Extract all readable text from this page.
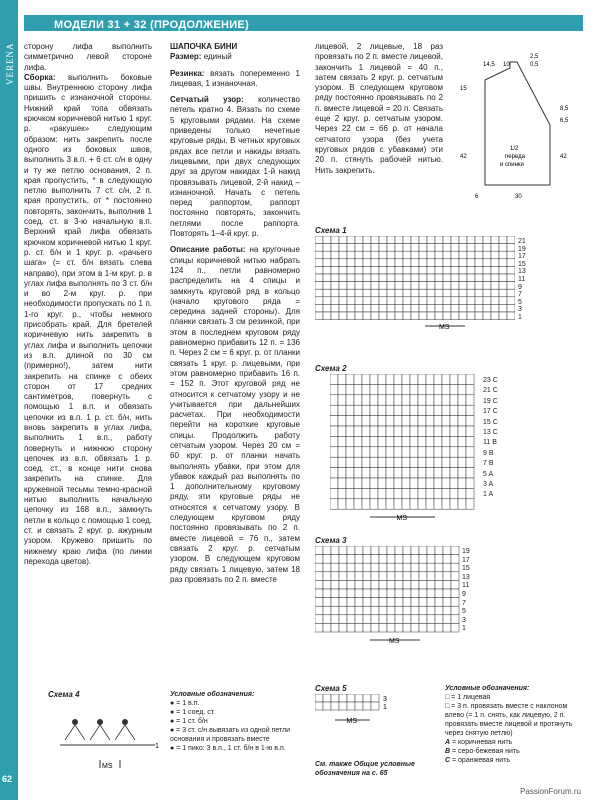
VERENA
62
МОДЕЛИ 31 + 32 (ПРОДОЛЖЕНИЕ)

сторону лифа выполнить симметрично левой стороне лифа.

Сборка: выполнить боковые швы. Внутреннюю сторону лифа пришить с изнаночной стороны. Нижний край топа обвязать крючком коричневой нитью 1 круг. р. «ракушек» следующим образом: нить закрепить после одного из боковых швов, выполнить 3 в.п. + 6 ст. с/н в одну и ту же петлю основания, 2 п. края пропустить, * в следующую петлю выполнить 7 ст. с/н, 2 п. края пропустить, от * постоянно повторять, закончить, выполнив 1 соед. ст. в 3-ю начальную в.п. Верхний край лифа обвязать крючком коричневой нитью 1 круг. р. ст. б/н и 1 круг. р. «рачьего шага» (= ст. б/н вязать слева направо), при этом в 1-м круг. р. в углах лифа выполнять по 3 ст. б/н и во 2-м круг. р. при необходимости пропускать по 1 п. 1-го круг. р., чтобы немного присобрать край. Для бретелей коричневую нить закрепить в углах лифа и выполнить цепочки из в.п. длиной по 30 см (примерно!), затем нити закрепить на спинке с обеих сторон от 17 средних сантиметров, повернуть с помощью 1 в.п. и обвязать цепочки из в.п. 1 р. ст. б/н, нить вновь закрепить в углах лифа, выполнить 1 в.п., работу повернуть и нижнюю сторону цепочек из в.п. обвязать 1 р. соед. ст., в конце нити снова закрепить на спинке. Для кружевной тесьмы темно-красной нитью выполнить начальную цепочку из 168 в.п., замкнуть петли в кольцо с помощью 1 соед. ст. и связать 2 круг. р. ажурным узором. Кружево пришить по нижнему краю лифа (по линии перехода цветов).

ШАПОЧКА БИНИ

Размер: единый

Резинка: вязать попеременно 1 лицевая, 1 изнаночная.

Сетчатый узор: количество петель кратно 4. Вязать по схеме 5 круговыми рядами. На схеме приведены только нечетные круговые ряды. В четных круговых рядах все петли и накиды вязать лицевыми, при двух следующих друг за другом накидах 1-й накид провязывать лицевой, 2-й накид – изнаночной. Начать с петель перед раппортом, раппорт постоянно повторять, закончить петлями после раппорта. Повторять 1–4-й круг. р.

Описание работы: на кругочные спицы коричневой нитью набрать 124 п., петли равномерно распределить на 4 спицы и замкнуть круговой ряд в кольцо (начало кругового ряда = середина задней стороны). Для планки связать 3 см резинкой, при этом в последнем круговом ряду равномерно прибавить 12 п. = 136 п. Через 2 см = 6 круг. р. от планки связать 1 круг. р. лицевыми, при этом равномерно прибавить 16 п. = 152 п. Этот круговой ряд не относится к сетчатому узору и не учитывается при дальнейших расчетах. При необходимости перейти на короткие круговые спицы. Продолжить работу сетчатым узором. Через 20 см = 60 круг. р. от планки начать выполнять убавки, при этом для убавок каждый раз выполнять по 1 дополнительному круговому ряду, эти круговые ряды не относятся к сетчатому узору. В следующем круговом ряду постоянно провязывать по 2 п. вместе лицевой = 76 п., затем связать 2 круг. р. сетчатым узором. В следующем круговом ряду связать 1 лицевую, затем 18 раз провязать по 2 п. вместе

лицевой, 2 лицевые, 18 раз провязать по 2 п. вместе лицевой, закончить 1 лицевой = 40 п., затем связать 2 круг. р. сетчатым узором. В следующем круговом ряду постоянно провязывать по 2 п. вместе лицевой = 20 п. Связать еще 2 круг. р. сетчатым узором. Через 22 см = 66 р. от начала сетчатого узора (без учета круговых рядов с убавками) эти 20 п. стянуть рабочей нитью. Нить закрепить.

14,5 10
2,5
0,5
15
8,5
6,5
1/2
переда
и спинки
42	42
6	30
Схема 1
MS
21
19
17
15
13
11
9
7
5
3
1
Схема 2
MS
23 C
21 C
19 C
17 C
15 C
13 C
11 B
9 B
7 B
5 A
3 A
1 A
Схема 3
MS
19
17
15
13
11
9
7
5
3
1
Схема 4
1
MS
Условные обозначения:
● = 1 в.п.
● = 1 соед. ст.
● = 1 ст. б/н
● = 3 ст. с/н вывязать из одной петли основания и провязать вместе
● = 1 пико: 3 в.п., 1 ст. б/н в 1-ю в.п.
Схема 5
MS
3
1
См. также Общие условные обозначения на с. 65
Условные обозначения:
□ = 1 лицевая
□ = 3 п. провязать вместе с наклоном влево (= 1 п. снять, как лицевую, 2 п. провязать вместе лицевой и протянуть через снятую петлю)
A = коричневая нить
B = серо-бежевая нить
C = оранжевая нить
PassionForum.ru
